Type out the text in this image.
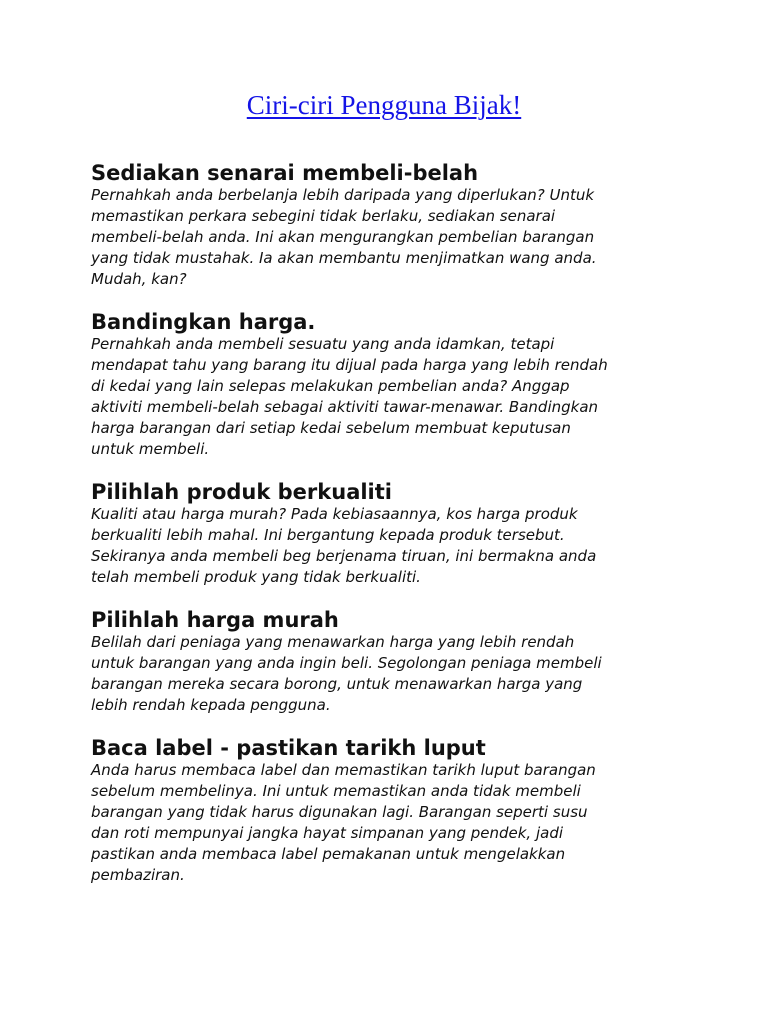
Ciri-ciri Pengguna Bijak!
Sediakan senarai membeli-belah
Pernahkah anda berbelanja lebih daripada yang diperlukan? Untuk
memastikan perkara sebegini tidak berlaku, sediakan senarai
membeli-belah anda. Ini akan mengurangkan pembelian barangan
yang tidak mustahak. Ia akan membantu menjimatkan wang anda.
Mudah, kan?
Bandingkan harga.
Pernahkah anda membeli sesuatu yang anda idamkan, tetapi
mendapat tahu yang barang itu dijual pada harga yang lebih rendah
di kedai yang lain selepas melakukan pembelian anda? Anggap
aktiviti membeli-belah sebagai aktiviti tawar-menawar. Bandingkan
harga barangan dari setiap kedai sebelum membuat keputusan
untuk membeli.
Pilihlah produk berkualiti
Kualiti atau harga murah? Pada kebiasaannya, kos harga produk
berkualiti lebih mahal. Ini bergantung kepada produk tersebut.
Sekiranya anda membeli beg berjenama tiruan, ini bermakna anda
telah membeli produk yang tidak berkualiti.
Pilihlah harga murah
Belilah dari peniaga yang menawarkan harga yang lebih rendah
untuk barangan yang anda ingin beli. Segolongan peniaga membeli
barangan mereka secara borong, untuk menawarkan harga yang
lebih rendah kepada pengguna.
Baca label - pastikan tarikh luput
Anda harus membaca label dan memastikan tarikh luput barangan
sebelum membelinya. Ini untuk memastikan anda tidak membeli
barangan yang tidak harus digunakan lagi. Barangan seperti susu
dan roti mempunyai jangka hayat simpanan yang pendek, jadi
pastikan anda membaca label pemakanan untuk mengelakkan
pembaziran.
